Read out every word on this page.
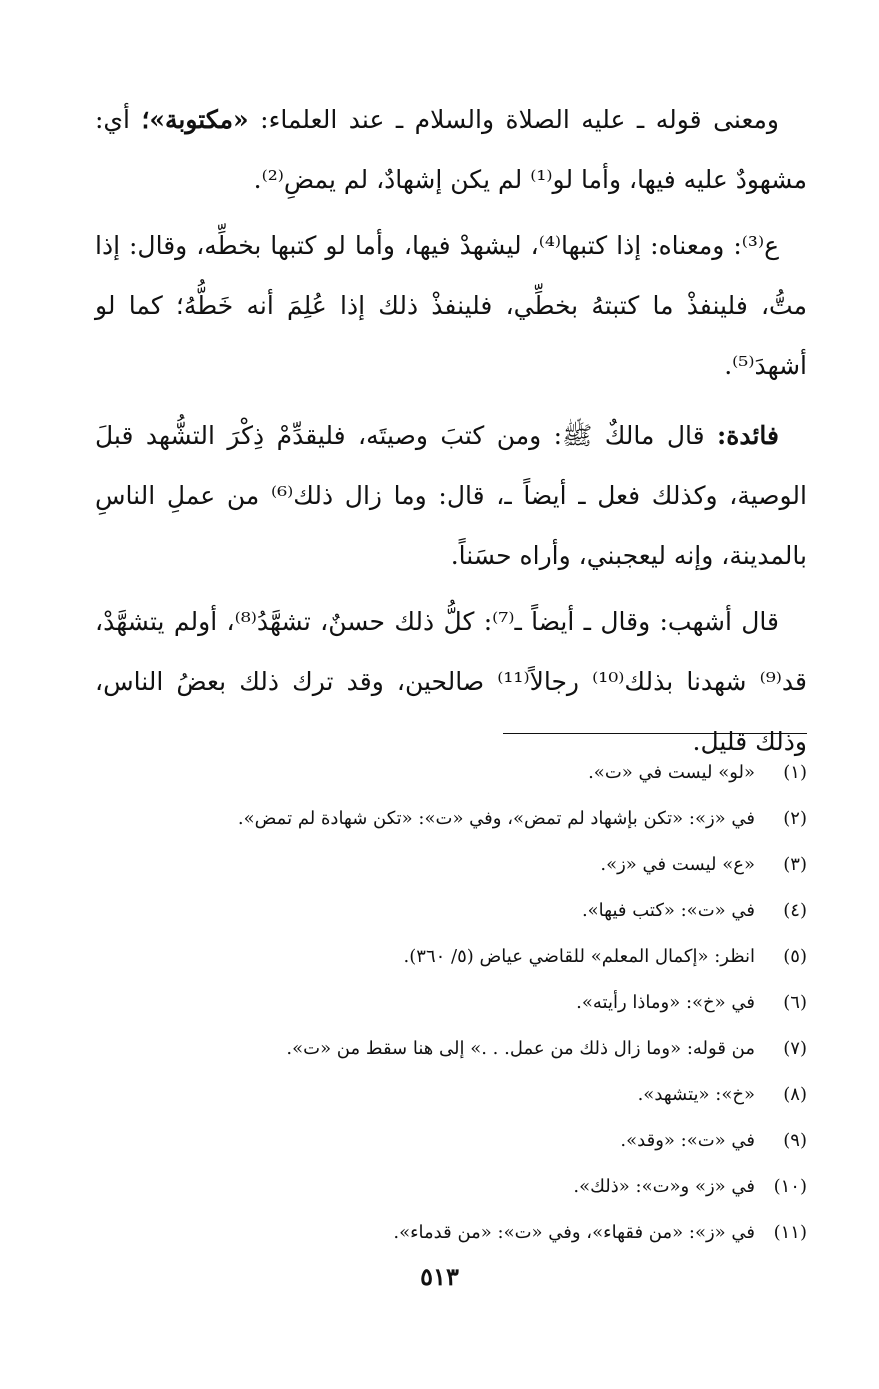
ومعنى قوله ـ عليه الصلاة والسلام ـ عند العلماء: «مكتوبة»؛ أي: مشهودٌ عليه فيها، وأما لو⁽¹⁾ لم يكن إشهادٌ، لم يمضِ⁽²⁾.

ع⁽³⁾: ومعناه: إذا كتبها⁽⁴⁾، ليشهدْ فيها، وأما لو كتبها بخطِّه، وقال: إذا متُّ، فلينفذْ ما كتبتهُ بخطِّي، فلينفذْ ذلك إذا عُلِمَ أنه خَطُّهُ؛ كما لو أشهدَ⁽⁵⁾.

فائدة: قال مالكٌ ﷺ: ومن كتبَ وصيتَه، فليقدِّمْ ذِكْرَ التشُّهد قبلَ الوصية، وكذلك فعل ـ أيضاً ـ، قال: وما زال ذلك⁽⁶⁾ من عملِ الناسِ بالمدينة، وإنه ليعجبني، وأراه حسَناً.

قال أشهب: وقال ـ أيضاً ـ⁽⁷⁾: كلُّ ذلك حسنٌ، تشهَّدُ⁽⁸⁾، أولم يتشهَّدْ، قد⁽⁹⁾ شهدنا بذلك⁽¹⁰⁾ رجالاً⁽¹¹⁾ صالحين، وقد ترك ذلك بعضُ الناس، وذلك قليل.

(١)
«لو» ليست في «ت».
(٢)
في «ز»: «تكن بإشهاد لم تمض»، وفي «ت»: «تكن شهادة لم تمض».
(٣)
«ع» ليست في «ز».
(٤)
في «ت»: «كتب فيها».
(٥)
انظر: «إكمال المعلم» للقاضي عياض (٥/ ٣٦٠).
(٦)
في «خ»: «وماذا رأيته».
(٧)
من قوله: «وما زال ذلك من عمل. . .» إلى هنا سقط من «ت».
(٨)
«خ»: «يتشهد».
(٩)
في «ت»: «وقد».
(١٠)
في «ز» و«ت»: «ذلك».
(١١)
في «ز»: «من فقهاء»، وفي «ت»: «من قدماء».
٥١٣
